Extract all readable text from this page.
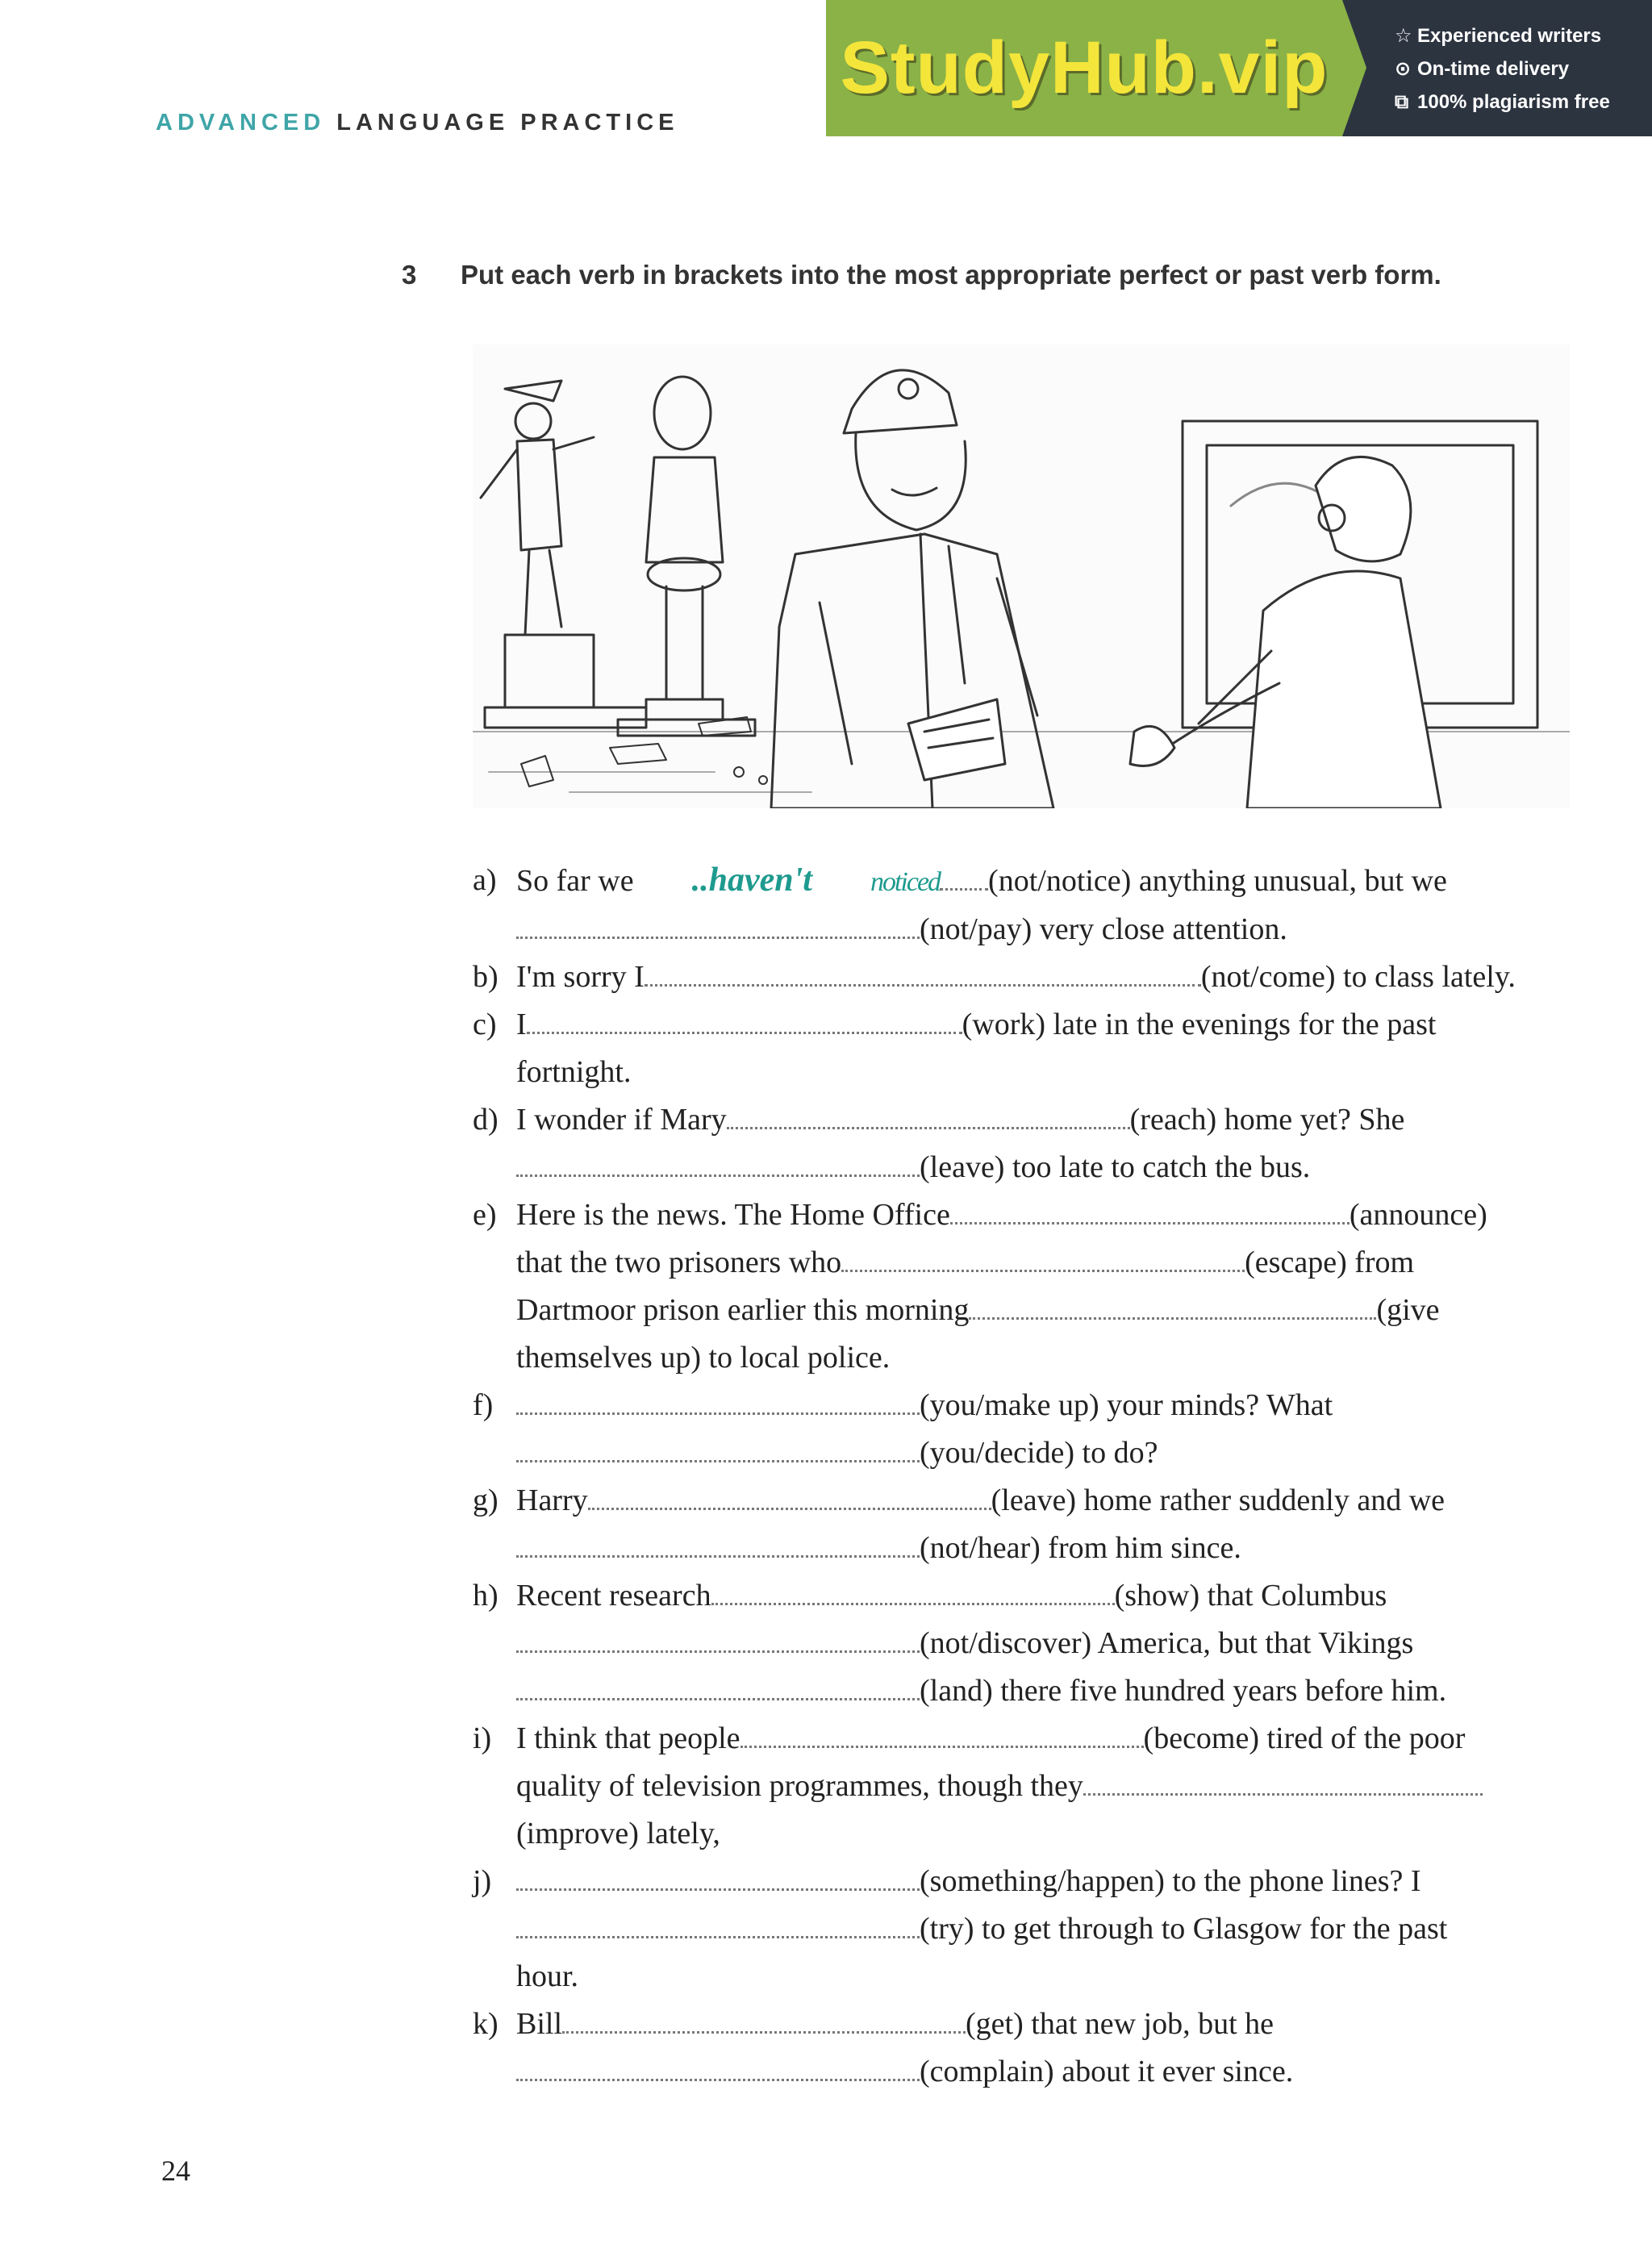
ADVANCED LANGUAGE PRACTICE
StudyHub.vip	☆ Experienced writers
⊙ On-time delivery
⧉ 100% plagiarism free
3 Put each verb in brackets into the most appropriate perfect or past verb form.
a) So far we ..haven't noticed (not/notice) anything unusual, but we
(not/pay) very close attention.
b) I'm sorry I	(not/come) to class lately.
c) I	(work) late in the evenings for the past
fortnight.
d) I wonder if Mary	(reach) home yet? She
(leave) too late to catch the bus.
e) Here is the news. The Home Office	(announce)
that the two prisoners who	(escape) from
Dartmoor prison earlier this morning	(give
themselves up) to local police.
f)	(you/make up) your minds? What
(you/decide) to do?
g) Harry	(leave) home rather suddenly and we
(not/hear) from him since.
h) Recent research	(show) that Columbus
(not/discover) America, but that Vikings
(land) there five hundred years before him.
i) I think that people	(become) tired of the poor
quality of television programmes, though they
(improve) lately,
j)	(something/happen) to the phone lines? I
(try) to get through to Glasgow for the past
hour.
k) Bill	(get) that new job, but he
(complain) about it ever since.
24
